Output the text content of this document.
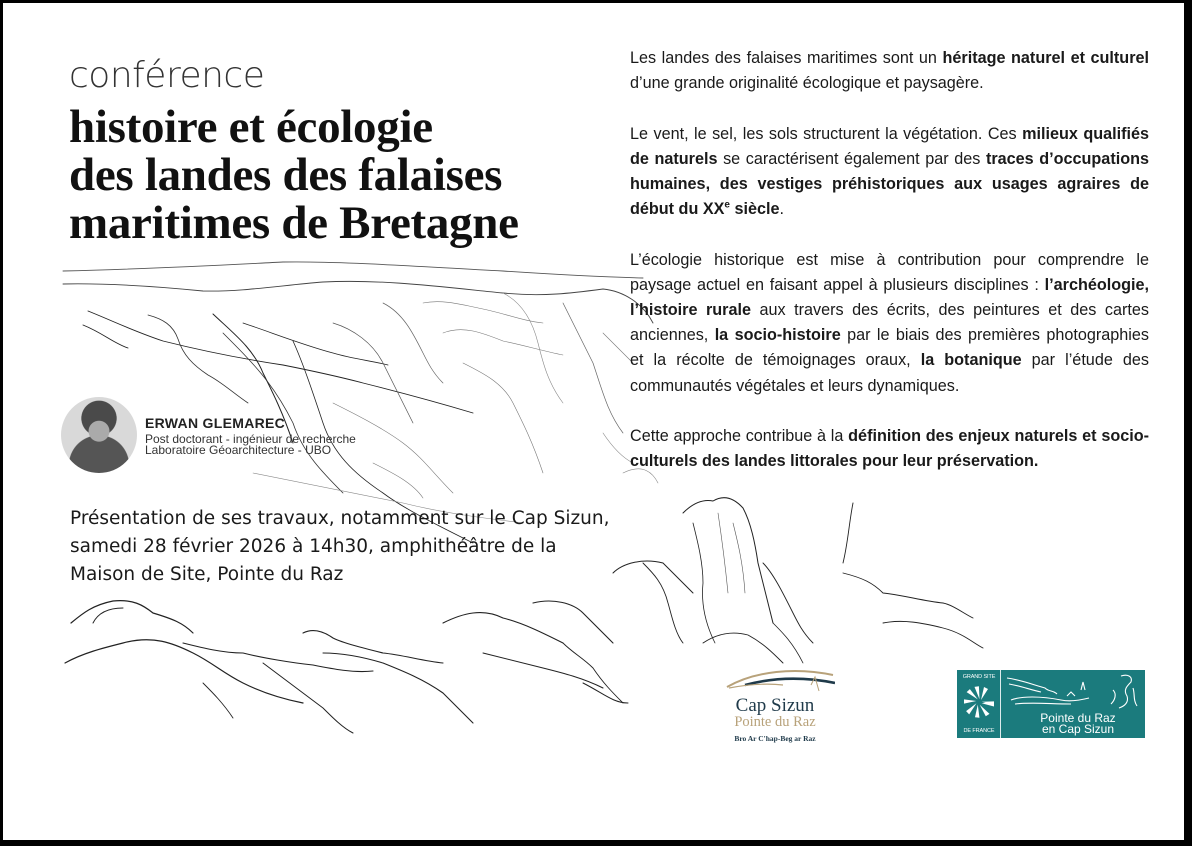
conférence
histoire et écologie
des landes des falaises
maritimes de Bretagne
ERWAN GLEMAREC
Post doctorant - ingénieur de recherche
Laboratoire Géoarchitecture - UBO

Présentation de ses travaux, notamment sur le Cap Sizun, samedi 28 février 2026 à 14h30, amphithéâtre de la Maison de Site, Pointe du Raz

Les landes des falaises maritimes sont un héritage naturel et culturel d’une grande originalité écologique et paysagère.

Le vent, le sel, les sols structurent la végétation. Ces milieux qualifiés de naturels se caractérisent également par des traces d’occupations humaines, des vestiges préhistoriques aux usages agraires de début du XXe siècle.

L’écologie historique est mise à contribution pour comprendre le paysage actuel en faisant appel à plusieurs disciplines : l’archéologie, l’histoire rurale aux travers des écrits, des peintures et des cartes anciennes, la socio-histoire par le biais des premières photographies et la récolte de témoignages oraux, la botanique par l’étude des communautés végétales et leurs dynamiques.

Cette approche contribue à la définition des enjeux naturels et socio-culturels des landes littorales pour leur préservation.

Cap Sizun
Pointe du Raz
Bro Ar C'hap-Beg ar Raz
GRAND SITE
DE FRANCE
Pointe du Raz
en Cap Sizun
